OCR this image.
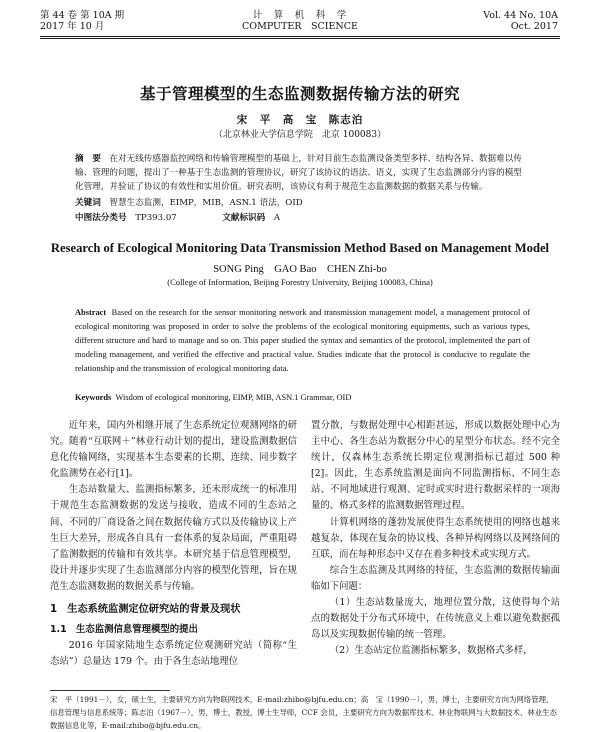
第 44 卷 第 10A 期
2017 年 10 月
计　算　机　科　学
COMPUTER　SCIENCE
Vol. 44 No. 10A
Oct. 2017
基于管理模型的生态监测数据传输方法的研究
宋　平　高　宝　陈志泊
（北京林业大学信息学院　北京 100083）
摘　要　 在对无线传感器监控网络和传输管理模型的基础上，针对目前生态监测设备类型多样、结构各异、数据难以传输、管理的问题，提出了一种基于生态监测的管理协议，研究了该协议的语法、语义，实现了生态监测部分内容的模型化管理，并验证了协议的有效性和实用价值。研究表明，该协议有利于规范生态监测数据的数据关系与传输。
关键词　 智慧生态监测，EIMP，MIB，ASN.1 语法，OID
中图法分类号　 TP393.07	文献标识码　 A
Research of Ecological Monitoring Data Transmission Method Based on Management Model
SONG Ping　GAO Bao　CHEN Zhi-bo
(College of Information, Beijing Forestry University, Beijing 100083, China)
Abstract Based on the research for the sensor monitoring network and transmission management model, a management protocol of ecological monitoring was proposed in order to solve the problems of the ecological monitoring equipments, such as various types, different structure and hard to manage and so on. This paper studied the syntax and semantics of the protocol, implemented the part of modeling management, and verified the effective and practical value. Studies indicate that the protocol is conducive to regulate the relationship and the transmission of ecological monitoring data.
Keywords Wisdom of ecological monitoring, EIMP, MIB, ASN.1 Grammar, OID

近年来，国内外相继开展了生态系统定位观测网络的研究。随着“互联网＋”林业行动计划的提出，建设监测数据信息化传输网络，实现基本生态要素的长期、连续、同步数字化监测势在必行[1]。

生态站数量大、监测指标繁多，还未形成统一的标准用于规范生态监测数据的发送与接收，造成不同的生态站之间、不同的厂商设备之间在数据传输方式以及传输协议上产生巨大差异，形成各自具有一套体系的复杂局面，严重阻碍了监测数据的传输和有效共享。本研究基于信息管理模型，设计并逐步实现了生态监测部分内容的模型化管理，旨在规范生态监测数据的数据关系与传输。

1　生态系统监测定位研究站的背景及现状
1.1　生态监测信息管理模型的提出

2016 年国家陆地生态系统定位观测研究站（简称“生态站”）总量达 179 个。由于各生态站地理位

置分散，与数据处理中心相距甚远，形成以数据处理中心为主中心、各生态站为数据分中心的星型分布状态。经不完全统计，仅森林生态系统长期定位观测指标已超过 500 种[2]。因此，生态系统监测是面向不同监测指标、不同生态站、不同地域进行观测、定时或实时进行数据采样的一项海量的、格式多样的监测数据管理过程。

计算机网络的蓬勃发展使得生态系统使用的网络也越来越复杂，体现在复杂的协议栈、各种异构网络以及网络间的互联，而在每种形态中又存在着多种技术或实现方式。

综合生态监测及其网络的特征，生态监测的数据传输面临如下问题：

（1）生态站数量庞大，地理位置分散，这使得每个站点的数据处于分布式环境中，在传统意义上难以避免数据孤岛以及实现数据传输的统一管理。

（2）生态站定位监测指标繁多，数据格式多样，

宋　平（1991－），女，硕士生，主要研究方向为物联网技术，E-mail:zhibo@bjfu.edu.cn；高　宝（1990－），男，博士，主要研究方向为网络管理、信息管理与信息系统等；陈志泊（1967－），男，博士，教授，博士生导师，CCF 会员，主要研究方向为数据库技术、林业物联网与大数据技术、林业生态数据信息化等，E-mail:zhibo@bjfu.edu.cn。
